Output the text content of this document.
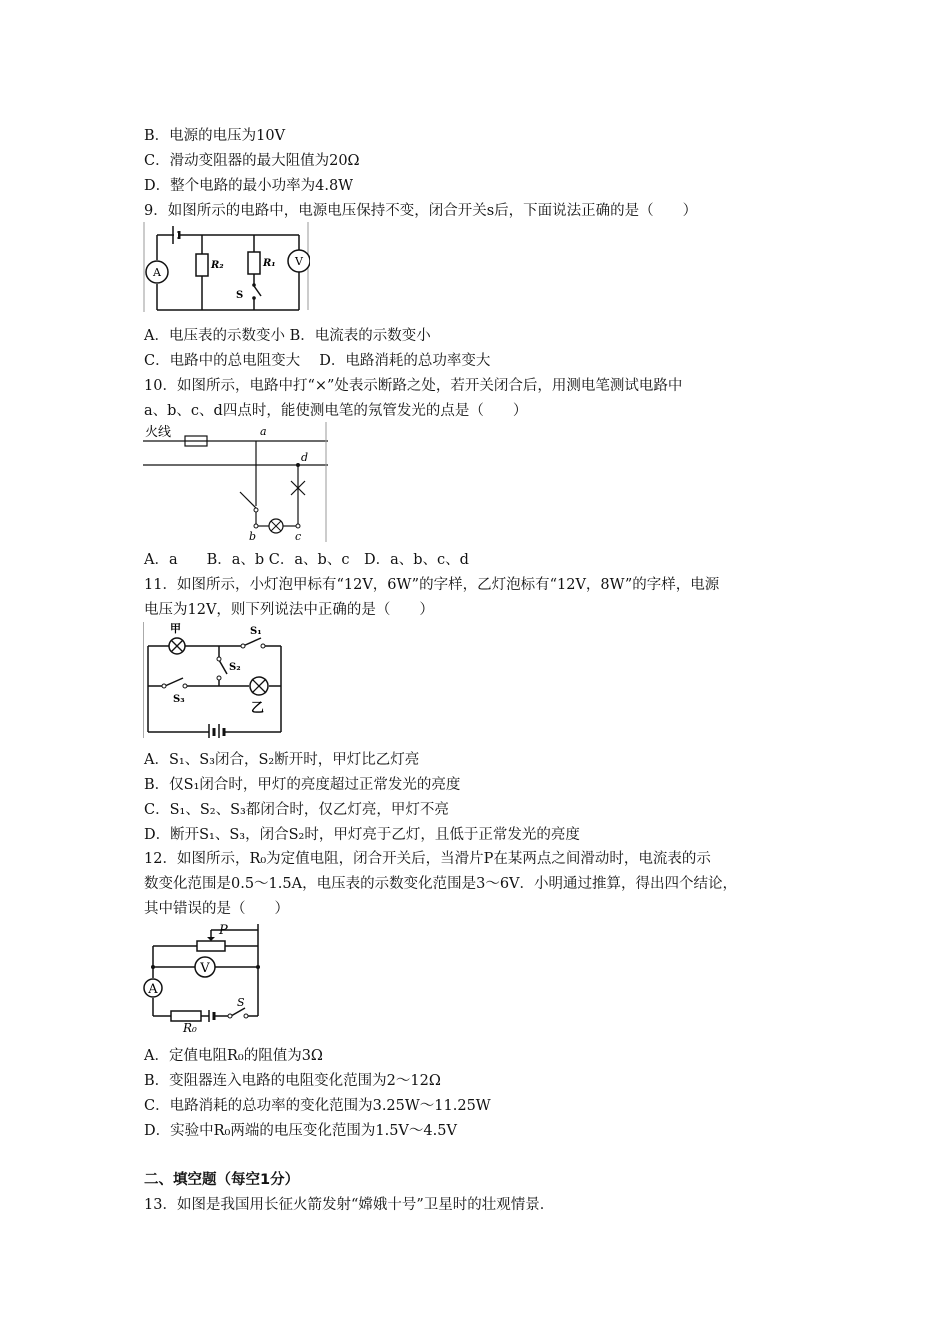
B．电源的电压为10V
C．滑动变阻器的最大阻值为20Ω
D．整个电路的最小功率为4.8W
9．如图所示的电路中，电源电压保持不变，闭合开关s后，下面说法正确的是（　　）
A
V
R₂	R₁
S
A．电压表的示数变小 B．电流表的示数变小
C．电路中的总电阻变大　 D．电路消耗的总功率变大
10．如图所示，电路中打“×”处表示断路之处，若开关闭合后，用测电笔测试电路中
a、b、c、d四点时，能使测电笔的氖管发光的点是（　　）
火线	a
d
b	c
A．a　　B．a、b C．a、b、c　D．a、b、c、d
11．如图所示，小灯泡甲标有“12V，6W”的字样，乙灯泡标有“12V，8W”的字样，电源
电压为12V，则下列说法中正确的是（　　）
甲
乙
S₁
S₂
S₃
A．S₁、S₃闭合，S₂断开时，甲灯比乙灯亮
B．仅S₁闭合时，甲灯的亮度超过正常发光的亮度
C．S₁、S₂、S₃都闭合时，仅乙灯亮，甲灯不亮
D．断开S₁、S₃，闭合S₂时，甲灯亮于乙灯，且低于正常发光的亮度
12．如图所示，R₀为定值电阻，闭合开关后，当滑片P在某两点之间滑动时，电流表的示
数变化范围是0.5～1.5A，电压表的示数变化范围是3～6V．小明通过推算，得出四个结论，
其中错误的是（　　）
V
A
P
S
R₀
A．定值电阻R₀的阻值为3Ω
B．变阻器连入电路的电阻变化范围为2～12Ω
C．电路消耗的总功率的变化范围为3.25W～11.25W
D．实验中R₀两端的电压变化范围为1.5V～4.5V
二、填空题（每空1分）
13．如图是我国用长征火箭发射“嫦娥十号”卫星时的壮观情景．
